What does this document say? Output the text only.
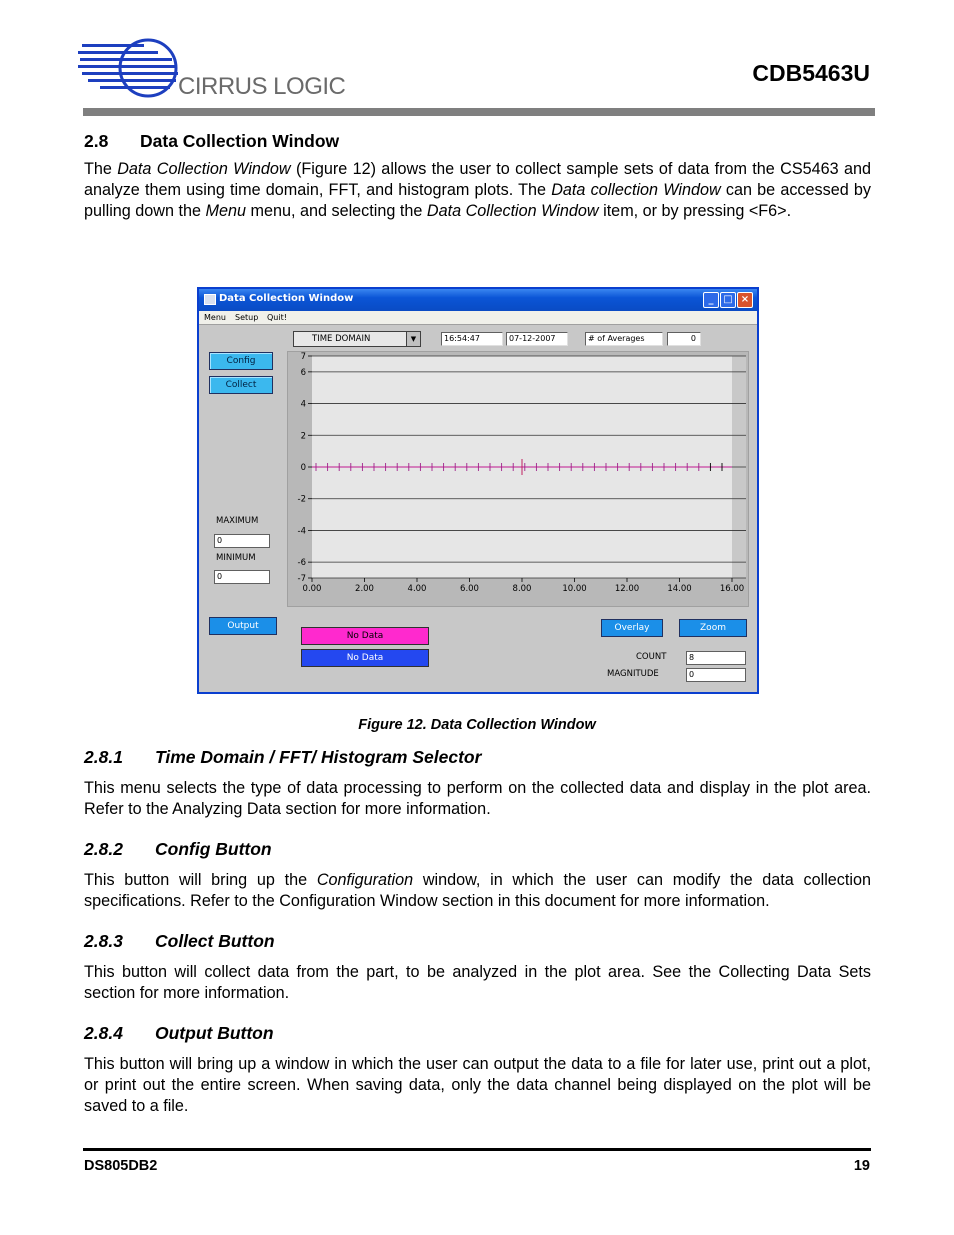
CIRRUS LOGIC	CDB5463U
2.8 Data Collection Window

The Data Collection Window (Figure 12) allows the user to collect sample sets of data from the CS5463 and analyze them using time domain, FFT, and histogram plots. The Data collection Window can be accessed by pulling down the Menu menu, and selecting the Data Collection Window item, or by pressing <F6>.

Data Collection Window	_ □ ×
Menu Setup Quit!
TIME DOMAIN	▼	16:54:47	07-12-2007	# of Averages	0
Config
Collect
MAXIMUM
0
MINIMUM
0
7
6
4
2
0
-2
-4
-6
-7
0.00	2.00	4.00	6.00	8.00	10.00	12.00	14.00	16.00
Output
No Data
No Data
Overlay	Zoom
COUNT	8
MAGNITUDE	0
Figure 12. Data Collection Window
2.8.1 Time Domain / FFT/ Histogram Selector

This menu selects the type of data processing to perform on the collected data and display in the plot area. Refer to the Analyzing Data section for more information.

2.8.2 Config Button

This button will bring up the Configuration window, in which the user can modify the data collection specifications. Refer to the Configuration Window section in this document for more information.

2.8.3 Collect Button

This button will collect data from the part, to be analyzed in the plot area. See the Collecting Data Sets section for more information.

2.8.4 Output Button

This button will bring up a window in which the user can output the data to a file for later use, print out a plot, or print out the entire screen. When saving data, only the data channel being displayed on the plot will be saved to a file.

DS805DB2	19
